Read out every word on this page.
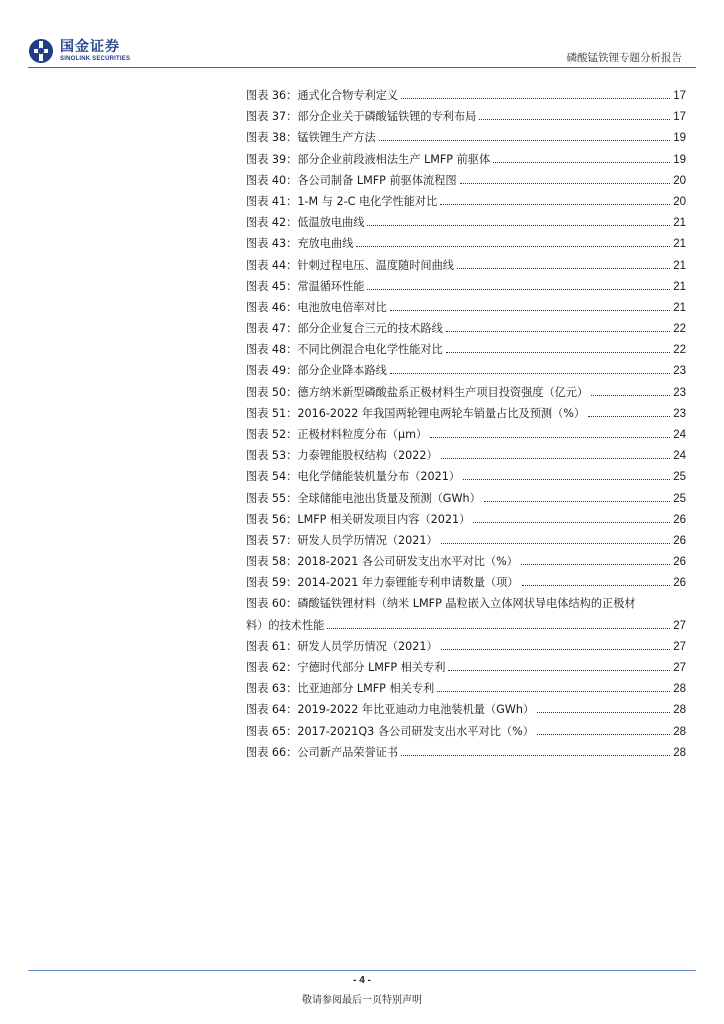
国金证券
SINOLINK SECURITIES	磷酸锰铁锂专题分析报告
图表 36：通式化合物专利定义	17
图表 37：部分企业关于磷酸锰铁锂的专利布局	17
图表 38：锰铁锂生产方法	19
图表 39：部分企业前段液相法生产 LMFP 前驱体	19
图表 40：各公司制备 LMFP 前驱体流程图	20
图表 41：1-M 与 2-C 电化学性能对比	20
图表 42：低温放电曲线	21
图表 43：充放电曲线	21
图表 44：针刺过程电压、温度随时间曲线	21
图表 45：常温循环性能	21
图表 46：电池放电倍率对比	21
图表 47：部分企业复合三元的技术路线	22
图表 48：不同比例混合电化学性能对比	22
图表 49：部分企业降本路线	23
图表 50：德方纳米新型磷酸盐系正极材料生产项目投资强度（亿元）	23
图表 51：2016-2022 年我国两轮锂电两轮车销量占比及预测（%）	23
图表 52：正极材料粒度分布（μm）	24
图表 53：力泰锂能股权结构（2022）	24
图表 54：电化学储能装机量分布（2021）	25
图表 55：全球储能电池出货量及预测（GWh）	25
图表 56：LMFP 相关研发项目内容（2021）	26
图表 57：研发人员学历情况（2021）	26
图表 58：2018-2021 各公司研发支出水平对比（%）	26
图表 59：2014-2021 年力泰锂能专利申请数量（项）	26
图表 60：磷酸锰铁锂材料（纳米 LMFP 晶粒嵌入立体网状导电体结构的正极材
料）的技术性能	27
图表 61：研发人员学历情况（2021）	27
图表 62：宁德时代部分 LMFP 相关专利	27
图表 63：比亚迪部分 LMFP 相关专利	28
图表 64：2019-2022 年比亚迪动力电池装机量（GWh）	28
图表 65：2017-2021Q3 各公司研发支出水平对比（%）	28
图表 66：公司新产品荣誉证书	28
- 4 -
敬请参阅最后一页特别声明
